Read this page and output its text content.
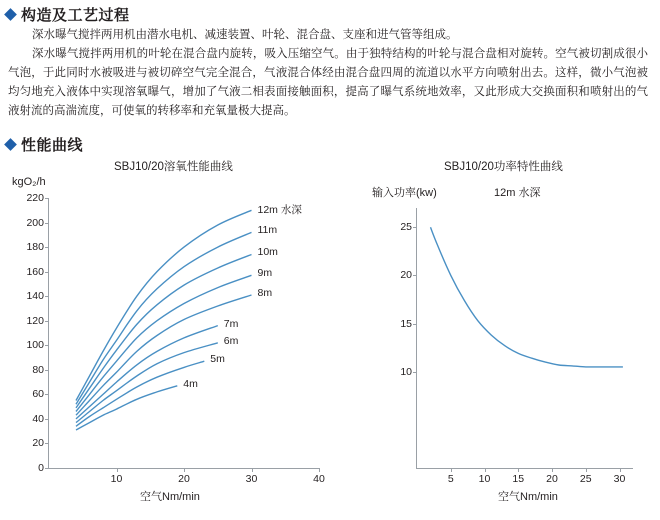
构造及工艺过程

深水曝气搅拌两用机由潜水电机、减速装置、叶轮、混合盘、支座和进气管等组成。

深水曝气搅拌两用机的叶轮在混合盘内旋转，吸入压缩空气。由于独特结构的叶轮与混合盘相对旋转。空气被切割成很小气泡，于此同时水被吸进与被切碎空气完全混合，气液混合体经由混合盘四周的流道以水平方向喷射出去。这样，微小气泡被均匀地充入液体中实现溶氧曝气，增加了气液二相表面接触面积，提高了曝气系统地效率，又此形成大交换面积和喷射出的气液射流的高湍流度，可使氧的转移率和充氧量极大提高。

性能曲线
SBJ10/20溶氧性能曲线
kgO₂/h
空气Nm/min
0
20
40
60
80
100
120
140
160
180
200
220
10	20	30	40
12m 水深
11m
10m
9m
8m
7m
6m
5m
4m
SBJ10/20功率特性曲线
输入功率(kw)	12m 水深
空气Nm/min
10
15
20
25
5 10 15 20 25 30
